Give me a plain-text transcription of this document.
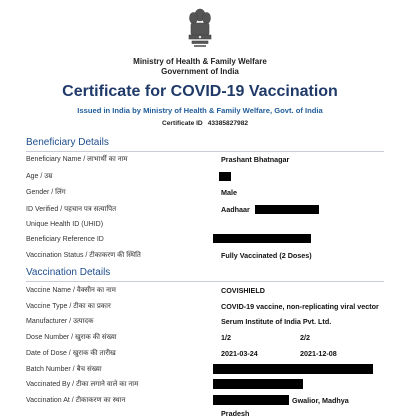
Ministry of Health & Family Welfare
Government of India
Certificate for COVID-19 Vaccination
Issued in India by Ministry of Health & Family Welfare, Govt. of India
Certificate ID 43385827982
Beneficiary Details
Beneficiary Name / लाभार्थी का नाम	Prashant Bhatnagar
Age / उम्र
Gender / लिंग	Male
ID Verified / पहचान पत्र सत्यापित	Aadhaar
Unique Health ID (UHID)
Beneficiary Reference ID
Vaccination Status / टीकाकरण की स्थिति	Fully Vaccinated (2 Doses)
Vaccination Details
Vaccine Name / वैक्सीन का नाम	COVISHIELD
Vaccine Type / टीका का प्रकार	COVID-19 vaccine, non-replicating viral vector
Manufacturer / उत्पादक	Serum Institute of India Pvt. Ltd.
Dose Number / खुराक की संख्या	1/2	2/2
Date of Dose / खुराक की तारीख	2021-03-24	2021-12-08
Batch Number / बैच संख्या
Vaccinated By / टीका लगाने वाले का नाम
Vaccination At / टीकाकरण का स्थान	Gwalior, Madhya
Pradesh
